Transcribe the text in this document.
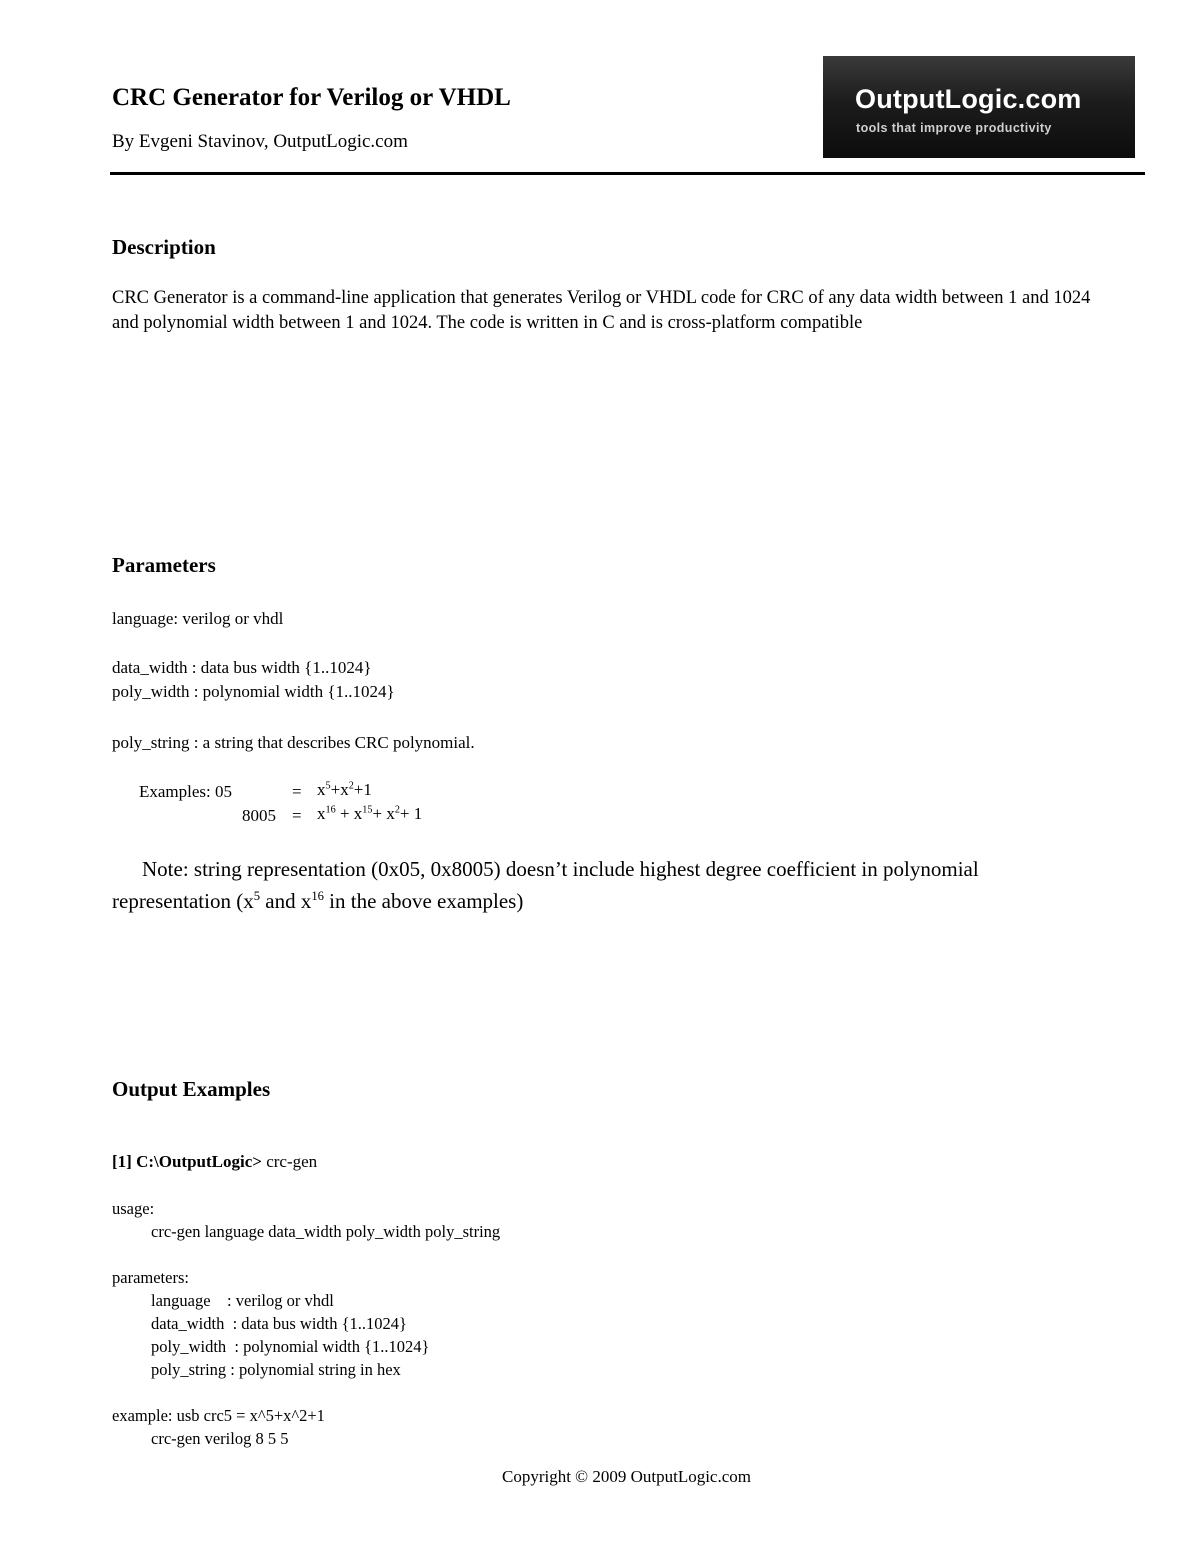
CRC Generator for Verilog or VHDL
By Evgeni Stavinov, OutputLogic.com
OutputLogic.com
tools that improve productivity
Description
CRC Generator is a command-line application that generates Verilog or VHDL code for CRC of any data width between 1 and 1024 and polynomial width between 1 and 1024. The code is written in C and is cross-platform compatible
Parameters
language: verilog or vhdl
data_width : data bus width {1..1024}
poly_width : polynomial width {1..1024}
poly_string : a string that describes CRC polynomial.
Examples: 05	= $x^5+x^2+1$
$8005 = x^{16} + x^{15}+ x^2+ 1$
Note: string representation (0x05, 0x8005) doesn’t include highest degree coefficient in polynomial representation ($x^5$ and $x^{16}$ in the above examples)
Output Examples
[1] C:\OutputLogic> crc-gen
usage:
crc-gen language data_width poly_width poly_string
parameters:
language    : verilog or vhdl
data_width  : data bus width {1..1024}
poly_width  : polynomial width {1..1024}
poly_string : polynomial string in hex
example: usb crc5 = x^5+x^2+1
crc-gen verilog 8 5 5
Copyright © 2009 OutputLogic.com
